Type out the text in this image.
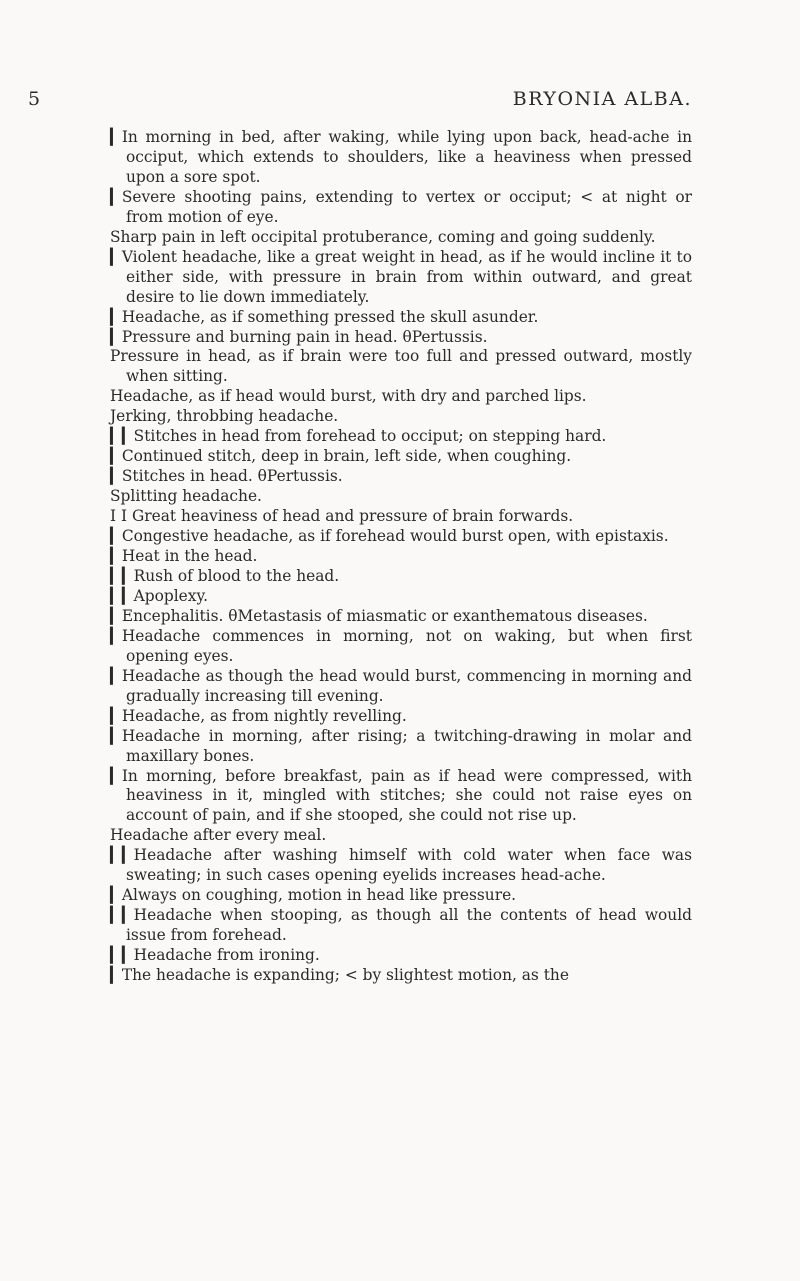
5	BRYONIA ALBA.

▎In morning in bed, after waking, while lying upon back, head-ache in occiput, which extends to shoulders, like a heaviness when pressed upon a sore spot.

▎Severe shooting pains, extending to vertex or occiput; < at night or from motion of eye.

Sharp pain in left occipital protuberance, coming and going suddenly.

▎Violent headache, like a great weight in head, as if he would incline it to either side, with pressure in brain from within outward, and great desire to lie down immediately.

▎Headache, as if something pressed the skull asunder.

▎Pressure and burning pain in head. θPertussis.

Pressure in head, as if brain were too full and pressed outward, mostly when sitting.

Headache, as if head would burst, with dry and parched lips.

Jerking, throbbing headache.

▎▎Stitches in head from forehead to occiput; on stepping hard.

▎Continued stitch, deep in brain, left side, when coughing.

▎Stitches in head. θPertussis.

Splitting headache.

I I Great heaviness of head and pressure of brain forwards.

▎Congestive headache, as if forehead would burst open, with epistaxis.

▎Heat in the head.

▎▎Rush of blood to the head.

▎▎Apoplexy.

▎Encephalitis. θMetastasis of miasmatic or exanthematous diseases.

▎Headache commences in morning, not on waking, but when first opening eyes.

▎Headache as though the head would burst, commencing in morning and gradually increasing till evening.

▎Headache, as from nightly revelling.

▎Headache in morning, after rising; a twitching-drawing in molar and maxillary bones.

▎In morning, before breakfast, pain as if head were compressed, with heaviness in it, mingled with stitches; she could not raise eyes on account of pain, and if she stooped, she could not rise up.

Headache after every meal.

▎▎Headache after washing himself with cold water when face was sweating; in such cases opening eyelids increases head-ache.

▎Always on coughing, motion in head like pressure.

▎▎Headache when stooping, as though all the contents of head would issue from forehead.

▎▎Headache from ironing.

▎The headache is expanding; < by slightest motion, as the
